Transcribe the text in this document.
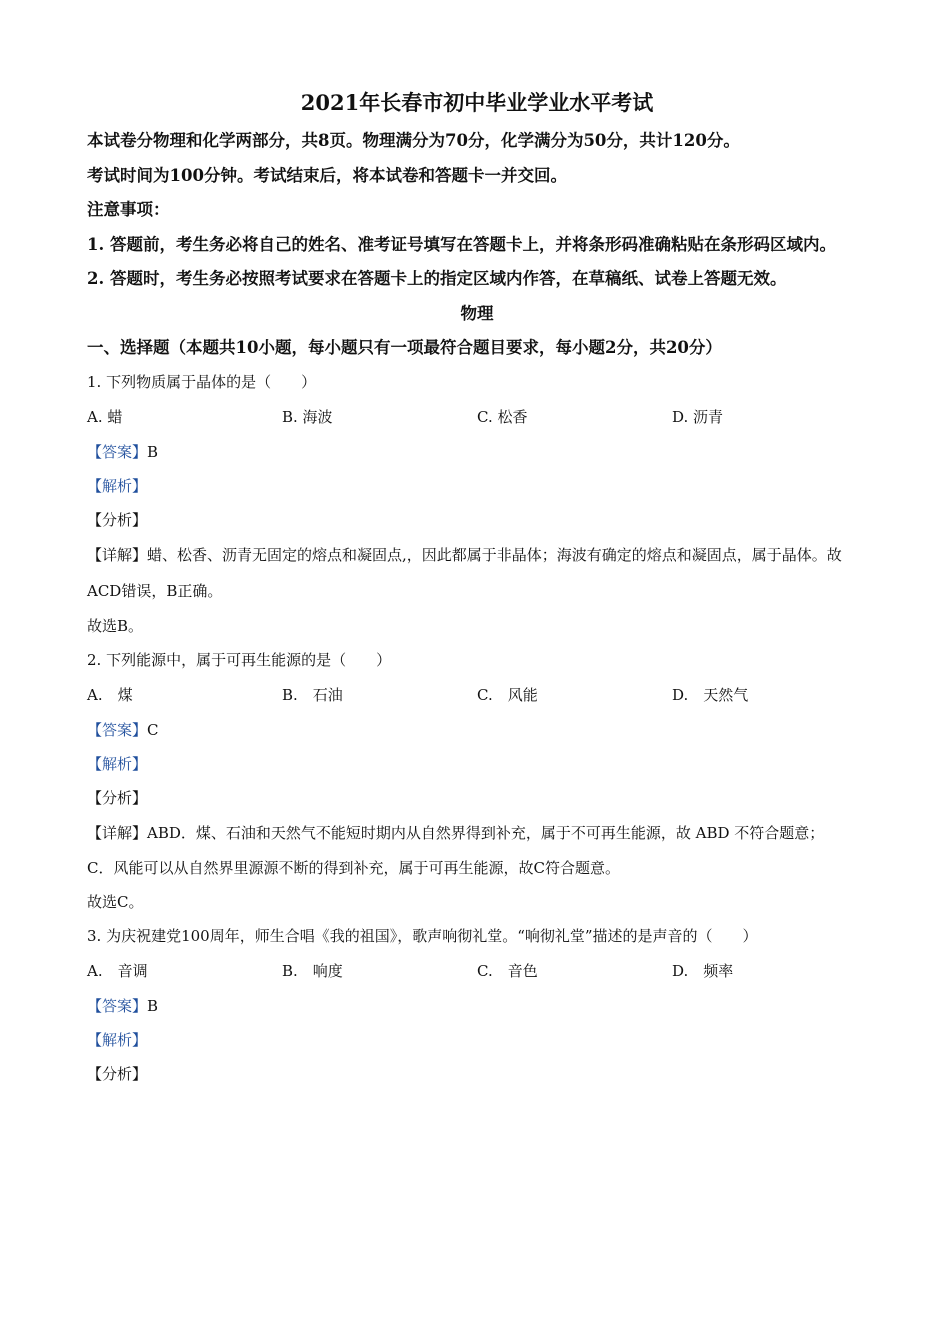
2021年长春市初中毕业学业水平考试
本试卷分物理和化学两部分，共8页。物理满分为70分，化学满分为50分，共计120分。
考试时间为100分钟。考试结束后，将本试卷和答题卡一并交回。
注意事项：
1. 答题前，考生务必将自己的姓名、准考证号填写在答题卡上，并将条形码准确粘贴在条形码区域内。
2. 答题时，考生务必按照考试要求在答题卡上的指定区域内作答，在草稿纸、试卷上答题无效。
物理
一、选择题（本题共10小题，每小题只有一项最符合题目要求，每小题2分，共20分）
1. 下列物质属于晶体的是（　　）
A. 蜡	B. 海波	C. 松香	D. 沥青
【答案】B
【解析】
【分析】
【详解】蜡、松香、沥青无固定的熔点和凝固点,，因此都属于非晶体；海波有确定的熔点和凝固点，属于晶体。故ACD错误，B正确。
故选B。
2. 下列能源中，属于可再生能源的是（　　）
A.　煤	B.　石油	C.　风能	D.　天然气
【答案】C
【解析】
【分析】
【详解】ABD．煤、石油和天然气不能短时期内从自然界得到补充，属于不可再生能源，故 ABD 不符合题意；
C．风能可以从自然界里源源不断的得到补充，属于可再生能源，故C符合题意。
故选C。
3. 为庆祝建党100周年，师生合唱《我的祖国》，歌声响彻礼堂。“响彻礼堂”描述的是声音的（　　）
A.　音调	B.　响度	C.　音色	D.　频率
【答案】B
【解析】
【分析】
